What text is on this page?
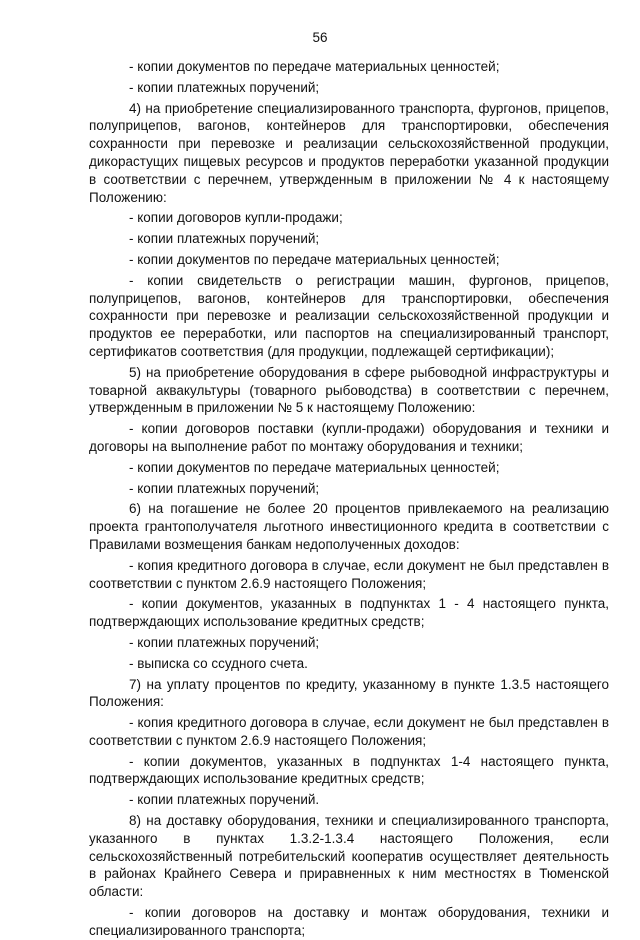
56

- копии документов по передаче материальных ценностей;

- копии платежных поручений;

4) на приобретение специализированного транспорта, фургонов, прицепов, полуприцепов, вагонов, контейнеров для транспортировки, обеспечения сохранности при перевозке и реализации сельскохозяйственной продукции, дикорастущих пищевых ресурсов и продуктов переработки указанной продукции в соответствии с перечнем, утвержденным в приложении № 4 к настоящему Положению:

- копии договоров купли-продажи;

- копии платежных поручений;

- копии документов по передаче материальных ценностей;

- копии свидетельств о регистрации машин, фургонов, прицепов, полуприцепов, вагонов, контейнеров для транспортировки, обеспечения сохранности при перевозке и реализации сельскохозяйственной продукции и продуктов ее переработки, или паспортов на специализированный транспорт, сертификатов соответствия (для продукции, подлежащей сертификации);

5) на приобретение оборудования в сфере рыбоводной инфраструктуры и товарной аквакультуры (товарного рыбоводства) в соответствии с перечнем, утвержденным в приложении № 5 к настоящему Положению:

- копии договоров поставки (купли-продажи) оборудования и техники и договоры на выполнение работ по монтажу оборудования и техники;

- копии документов по передаче материальных ценностей;

- копии платежных поручений;

6) на погашение не более 20 процентов привлекаемого на реализацию проекта грантополучателя льготного инвестиционного кредита в соответствии с Правилами возмещения банкам недополученных доходов:

- копия кредитного договора в случае, если документ не был представлен в соответствии с пунктом 2.6.9 настоящего Положения;

- копии документов, указанных в подпунктах 1 - 4 настоящего пункта, подтверждающих использование кредитных средств;

- копии платежных поручений;

- выписка со ссудного счета.

7) на уплату процентов по кредиту, указанному в пункте 1.3.5 настоящего Положения:

- копия кредитного договора в случае, если документ не был представлен в соответствии с пунктом 2.6.9 настоящего Положения;

- копии документов, указанных в подпунктах 1-4 настоящего пункта, подтверждающих использование кредитных средств;

- копии платежных поручений.

8) на доставку оборудования, техники и специализированного транспорта, указанного в пунктах 1.3.2-1.3.4 настоящего Положения, если сельскохозяйственный потребительский кооператив осуществляет деятельность в районах Крайнего Севера и приравненных к ним местностях в Тюменской области:

- копии договоров на доставку и монтаж оборудования, техники и специализированного транспорта;
